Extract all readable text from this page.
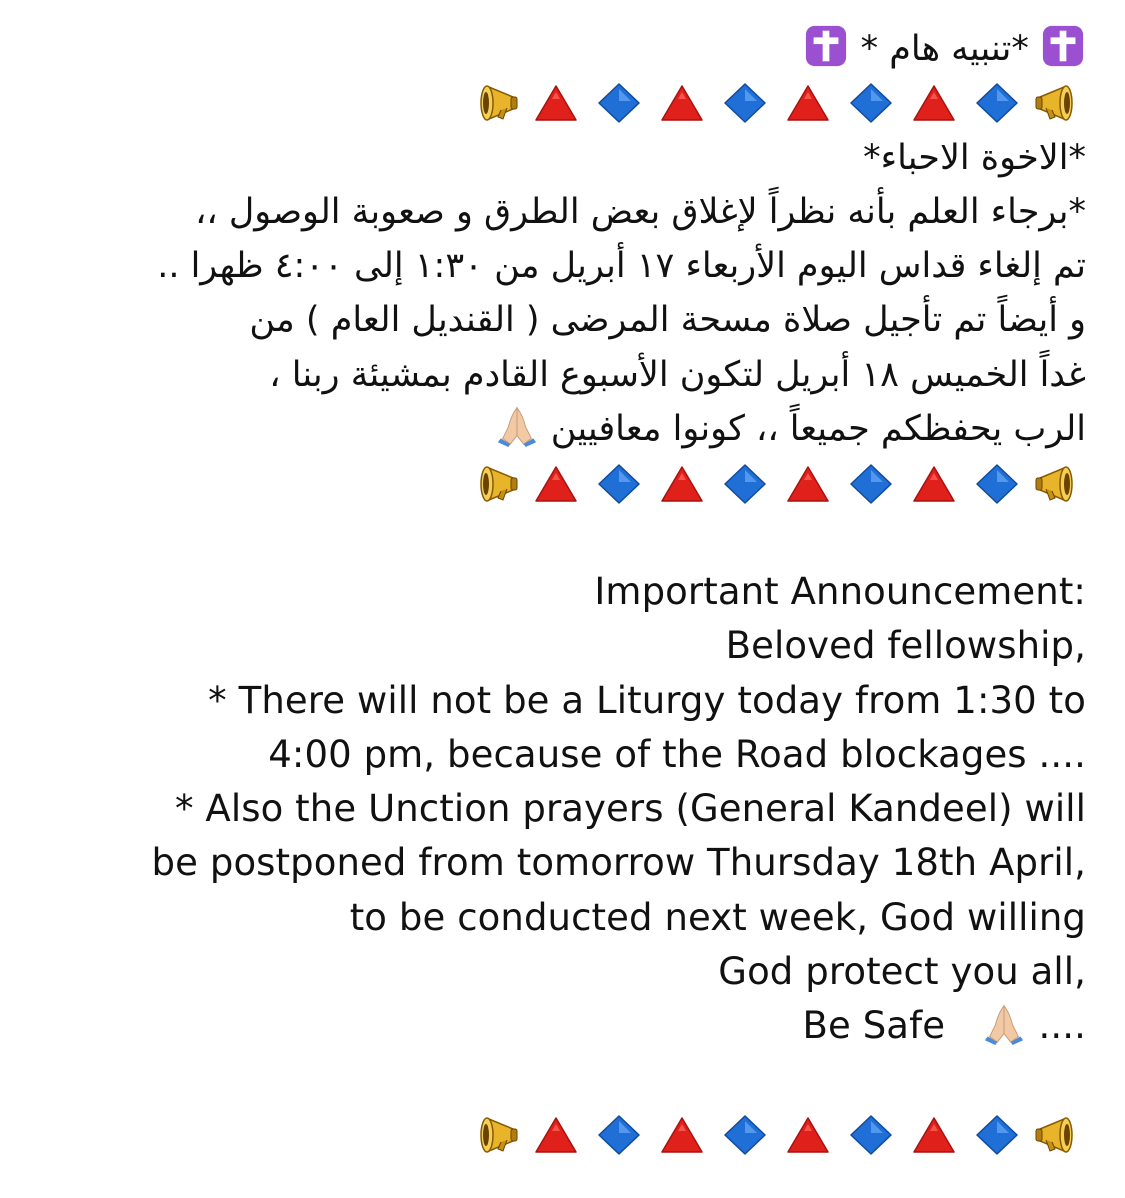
*تنبيه هام *
*الاخوة الاحباء*
*برجاء العلم بأنه نظراً لإغلاق بعض الطرق و صعوبة الوصول ،،
تم إلغاء قداس اليوم الأربعاء ١٧ أبريل من ١:٣٠ إلى ٤:٠٠ ظهرا ..
و أيضاً تم تأجيل صلاة مسحة المرضى ( القنديل العام ) من
غداً الخميس ١٨ أبريل لتكون الأسبوع القادم بمشيئة ربنا ،
الرب يحفظكم جميعاً ،، كونوا معافيين
Important Announcement:
Beloved fellowship,
* There will not be a Liturgy today from 1:30 to
4:00 pm, because of the Road blockages ....
* Also the Unction prayers (General Kandeel) will
be postponed from tomorrow Thursday 18th April,
to be conducted next week, God willing
God protect you all,
Be Safe	....
